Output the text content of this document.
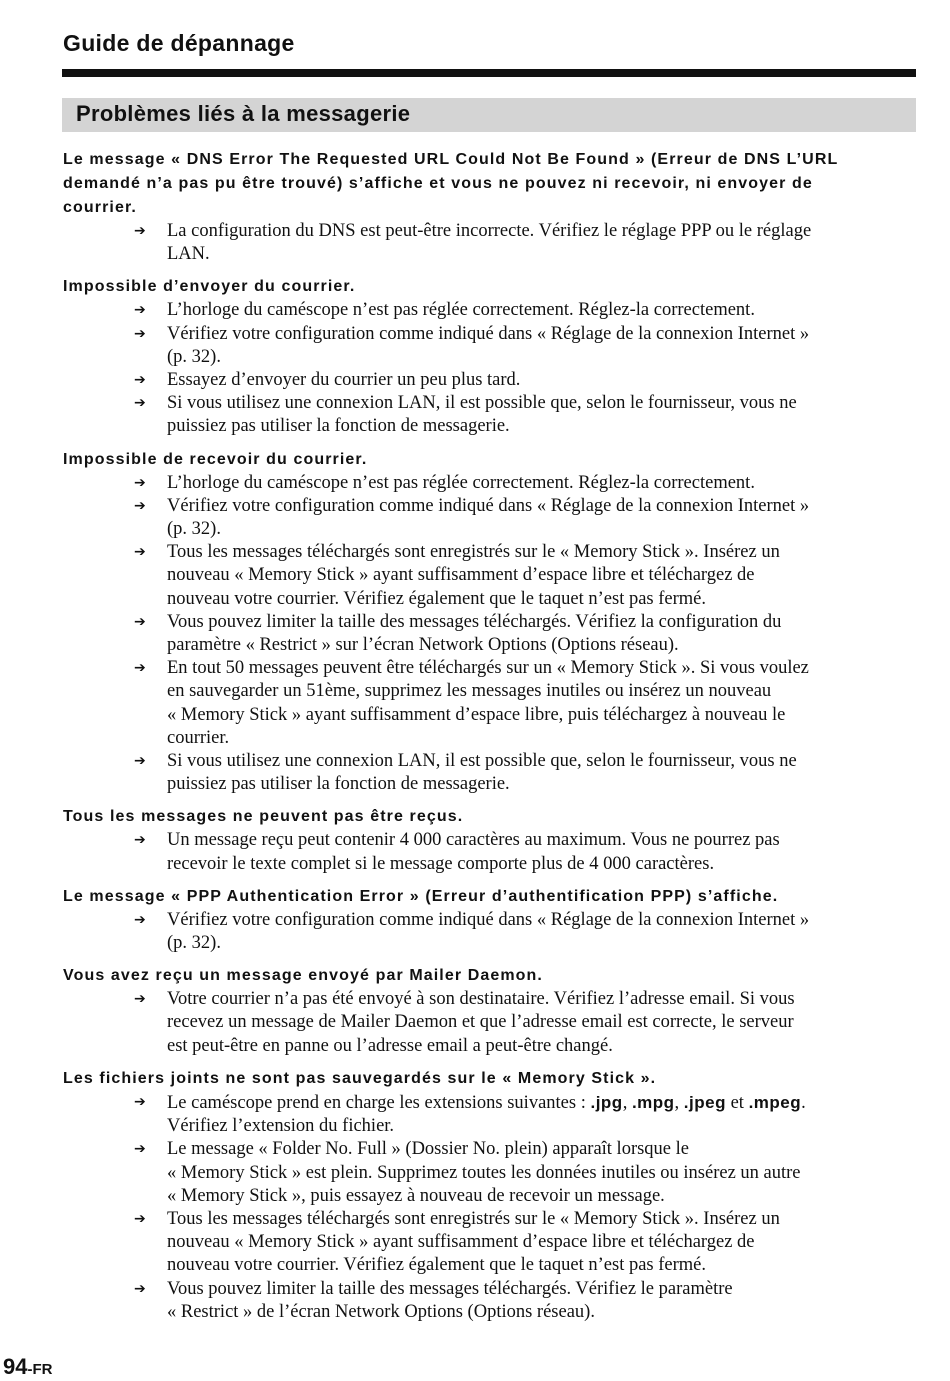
Guide de dépannage
Problèmes liés à la messagerie
Le message « DNS Error The Requested URL Could Not Be Found » (Erreur de DNS L’URL
demandé n’a pas pu être trouvé) s’affiche et vous ne pouvez ni recevoir, ni envoyer de
courrier.
➔ La configuration du DNS est peut-être incorrecte. Vérifiez le réglage PPP ou le réglage
LAN.
Impossible d’envoyer du courrier.
➔ L’horloge du caméscope n’est pas réglée correctement. Réglez-la correctement.
➔ Vérifiez votre configuration comme indiqué dans « Réglage de la connexion Internet »
(p. 32).
➔ Essayez d’envoyer du courrier un peu plus tard.
➔ Si vous utilisez une connexion LAN, il est possible que, selon le fournisseur, vous ne
puissiez pas utiliser la fonction de messagerie.
Impossible de recevoir du courrier.
➔ L’horloge du caméscope n’est pas réglée correctement. Réglez-la correctement.
➔ Vérifiez votre configuration comme indiqué dans « Réglage de la connexion Internet »
(p. 32).
➔ Tous les messages téléchargés sont enregistrés sur le « Memory Stick ». Insérez un
nouveau « Memory Stick » ayant suffisamment d’espace libre et téléchargez de
nouveau votre courrier. Vérifiez également que le taquet n’est pas fermé.
➔ Vous pouvez limiter la taille des messages téléchargés. Vérifiez la configuration du
paramètre « Restrict » sur l’écran Network Options (Options réseau).
➔ En tout 50 messages peuvent être téléchargés sur un « Memory Stick ». Si vous voulez
en sauvegarder un 51ème, supprimez les messages inutiles ou insérez un nouveau
« Memory Stick » ayant suffisamment d’espace libre, puis téléchargez à nouveau le
courrier.
➔ Si vous utilisez une connexion LAN, il est possible que, selon le fournisseur, vous ne
puissiez pas utiliser la fonction de messagerie.
Tous les messages ne peuvent pas être reçus.
➔ Un message reçu peut contenir 4 000 caractères au maximum. Vous ne pourrez pas
recevoir le texte complet si le message comporte plus de 4 000 caractères.
Le message « PPP Authentication Error » (Erreur d’authentification PPP) s’affiche.
➔ Vérifiez votre configuration comme indiqué dans « Réglage de la connexion Internet »
(p. 32).
Vous avez reçu un message envoyé par Mailer Daemon.
➔ Votre courrier n’a pas été envoyé à son destinataire. Vérifiez l’adresse email. Si vous
recevez un message de Mailer Daemon et que l’adresse email est correcte, le serveur
est peut-être en panne ou l’adresse email a peut-être changé.
Les fichiers joints ne sont pas sauvegardés sur le « Memory Stick ».
➔ Le caméscope prend en charge les extensions suivantes : .jpg, .mpg, .jpeg et .mpeg.
Vérifiez l’extension du fichier.
➔ Le message « Folder No. Full » (Dossier No. plein) apparaît lorsque le
« Memory Stick » est plein. Supprimez toutes les données inutiles ou insérez un autre
« Memory Stick », puis essayez à nouveau de recevoir un message.
➔ Tous les messages téléchargés sont enregistrés sur le « Memory Stick ». Insérez un
nouveau « Memory Stick » ayant suffisamment d’espace libre et téléchargez de
nouveau votre courrier. Vérifiez également que le taquet n’est pas fermé.
➔ Vous pouvez limiter la taille des messages téléchargés. Vérifiez le paramètre
« Restrict » de l’écran Network Options (Options réseau).
94-FR
